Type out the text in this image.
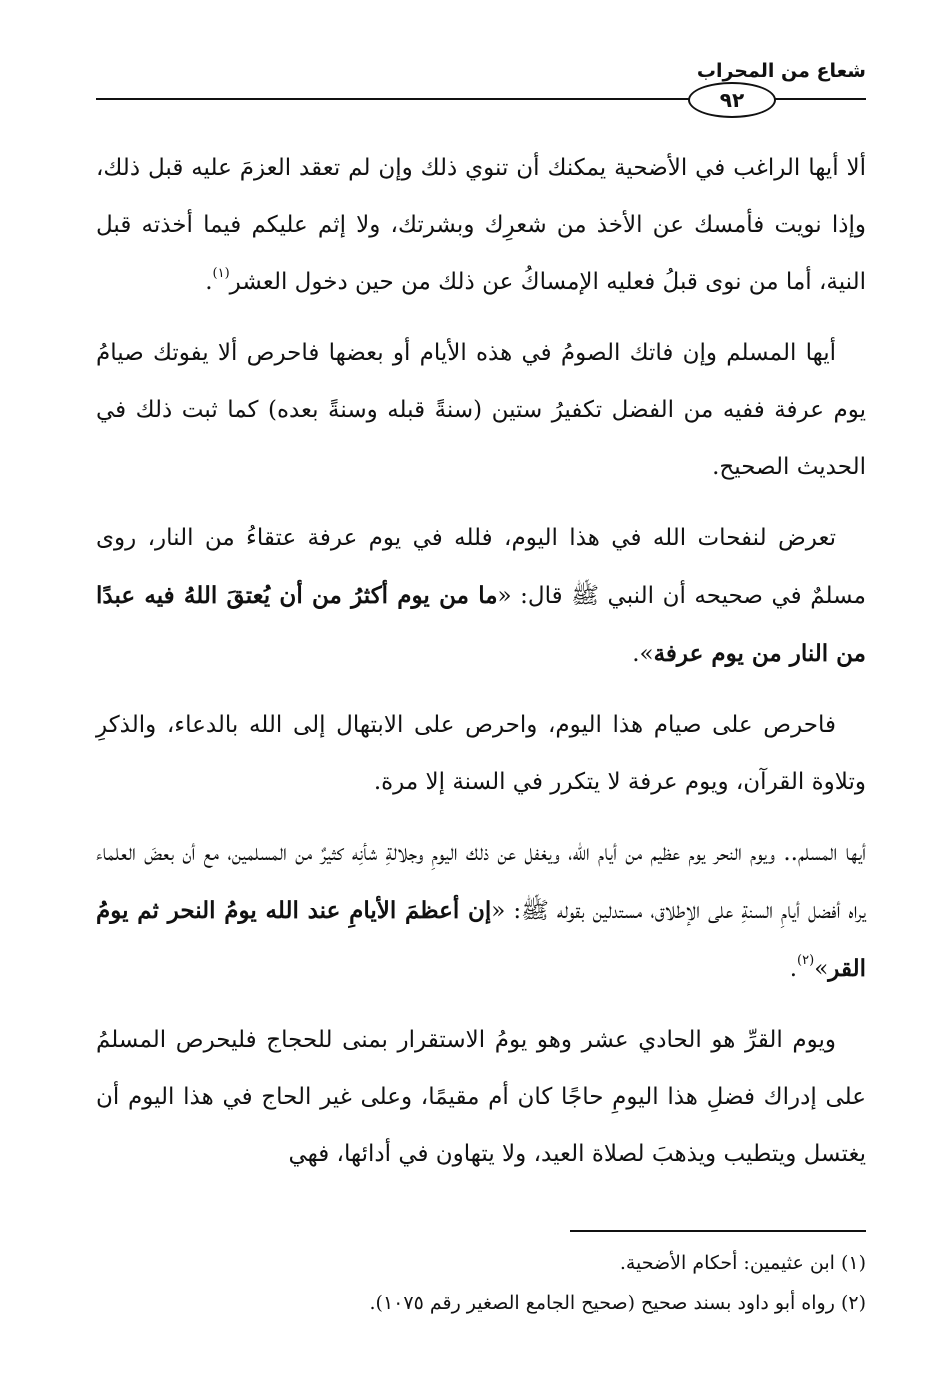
شعاع من المحراب
٩٢

ألا أيها الراغب في الأضحية يمكنك أن تنوي ذلك وإن لم تعقد العزمَ عليه قبل ذلك، وإذا نويت فأمسك عن الأخذ من شعرِك وبشرتك، ولا إثم عليكم فيما أخذته قبل النية، أما من نوى قبلُ فعليه الإمساكُ عن ذلك من حين دخول العشر$^{(١)}$.

أيها المسلم وإن فاتك الصومُ في هذه الأيام أو بعضها فاحرص ألا يفوتك صيامُ يوم عرفة ففيه من الفضل تكفيرُ ستين (سنةً قبله وسنةً بعده) كما ثبت ذلك في الحديث الصحيح.

تعرض لنفحات الله في هذا اليوم، فلله في يوم عرفة عتقاءُ من النار، روى مسلمٌ في صحيحه أن النبي ﷺ قال: «ما من يوم أكثرُ من أن يُعتقَ اللهُ فيه عبدًا من النار من يوم عرفة».

فاحرص على صيام هذا اليوم، واحرص على الابتهال إلى الله بالدعاء، والذكرِ وتلاوة القرآن، ويوم عرفة لا يتكرر في السنة إلا مرة.

أيها المسلم.. ويوم النحر يوم عظيم من أيام الله، ويغفل عن ذلك اليومِ وجلالةِ شأنِه كثيرٌ من المسلمين، مع أن بعضَ العلماء يراه أفضل أيامِ السنةِ على الإطلاق، مستدلين بقوله ﷺ: «إن أعظمَ الأيامِ عند الله يومُ النحر ثم يومُ القر»$^{(٢)}$.

ويوم القرِّ هو الحادي عشر وهو يومُ الاستقرار بمنى للحجاج فليحرص المسلمُ على إدراك فضلِ هذا اليومِ حاجًا كان أم مقيمًا، وعلى غير الحاج في هذا اليوم أن يغتسل ويتطيب ويذهبَ لصلاة العيد، ولا يتهاون في أدائها، فهي

(١) ابن عثيمين: أحكام الأضحية.

(٢) رواه أبو داود بسند صحيح (صحيح الجامع الصغير رقم ١٠٧٥).
